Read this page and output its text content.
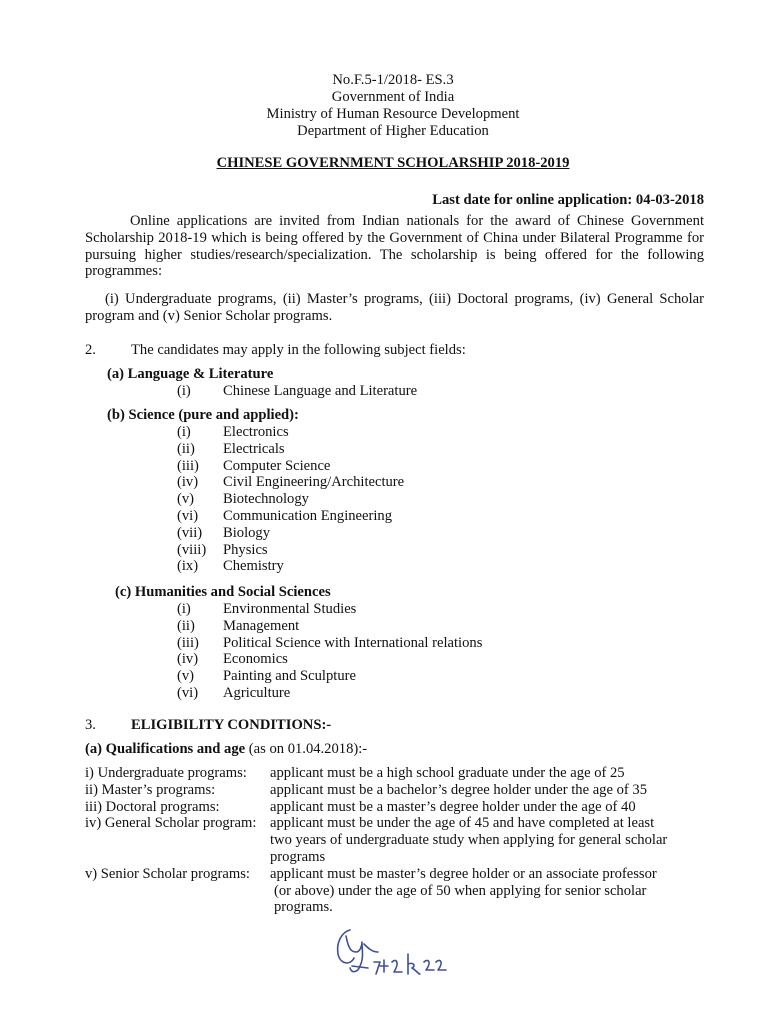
No.F.5-1/2018- ES.3
Government of India
Ministry of Human Resource Development
Department of Higher Education
CHINESE GOVERNMENT SCHOLARSHIP 2018-2019
Last date for online application: 04-03-2018
Online applications are invited from Indian nationals for the award of Chinese Government Scholarship 2018-19 which is being offered by the Government of China under Bilateral Programme for pursuing higher studies/research/specialization. The scholarship is being offered for the following programmes:
(i) Undergraduate programs, (ii) Master’s programs, (iii) Doctoral programs, (iv) General Scholar program and (v) Senior Scholar programs.
2. The candidates may apply in the following subject fields:
(a) Language & Literature
(i) Chinese Language and Literature
(b) Science (pure and applied):
(i) Electronics
(ii) Electricals
(iii) Computer Science
(iv) Civil Engineering/Architecture
(v) Biotechnology
(vi) Communication Engineering
(vii) Biology
(viii) Physics
(ix) Chemistry
(c) Humanities and Social Sciences
(i) Environmental Studies
(ii) Management
(iii) Political Science with International relations
(iv) Economics
(v) Painting and Sculpture
(vi) Agriculture
3. ELIGIBILITY CONDITIONS:-
(a) Qualifications and age (as on 01.04.2018):-
i) Undergraduate programs: applicant must be a high school graduate under the age of 25
ii) Master’s programs:	applicant must be a bachelor’s degree holder under the age of 35
iii) Doctoral programs:	applicant must be a master’s degree holder under the age of 40
iv) General Scholar program: applicant must be under the age of 45 and have completed at least
two years of undergraduate study when applying for general scholar
programs
v) Senior Scholar programs: applicant must be master’s degree holder or an associate professor
(or above) under the age of 50 when applying for senior scholar
programs.
